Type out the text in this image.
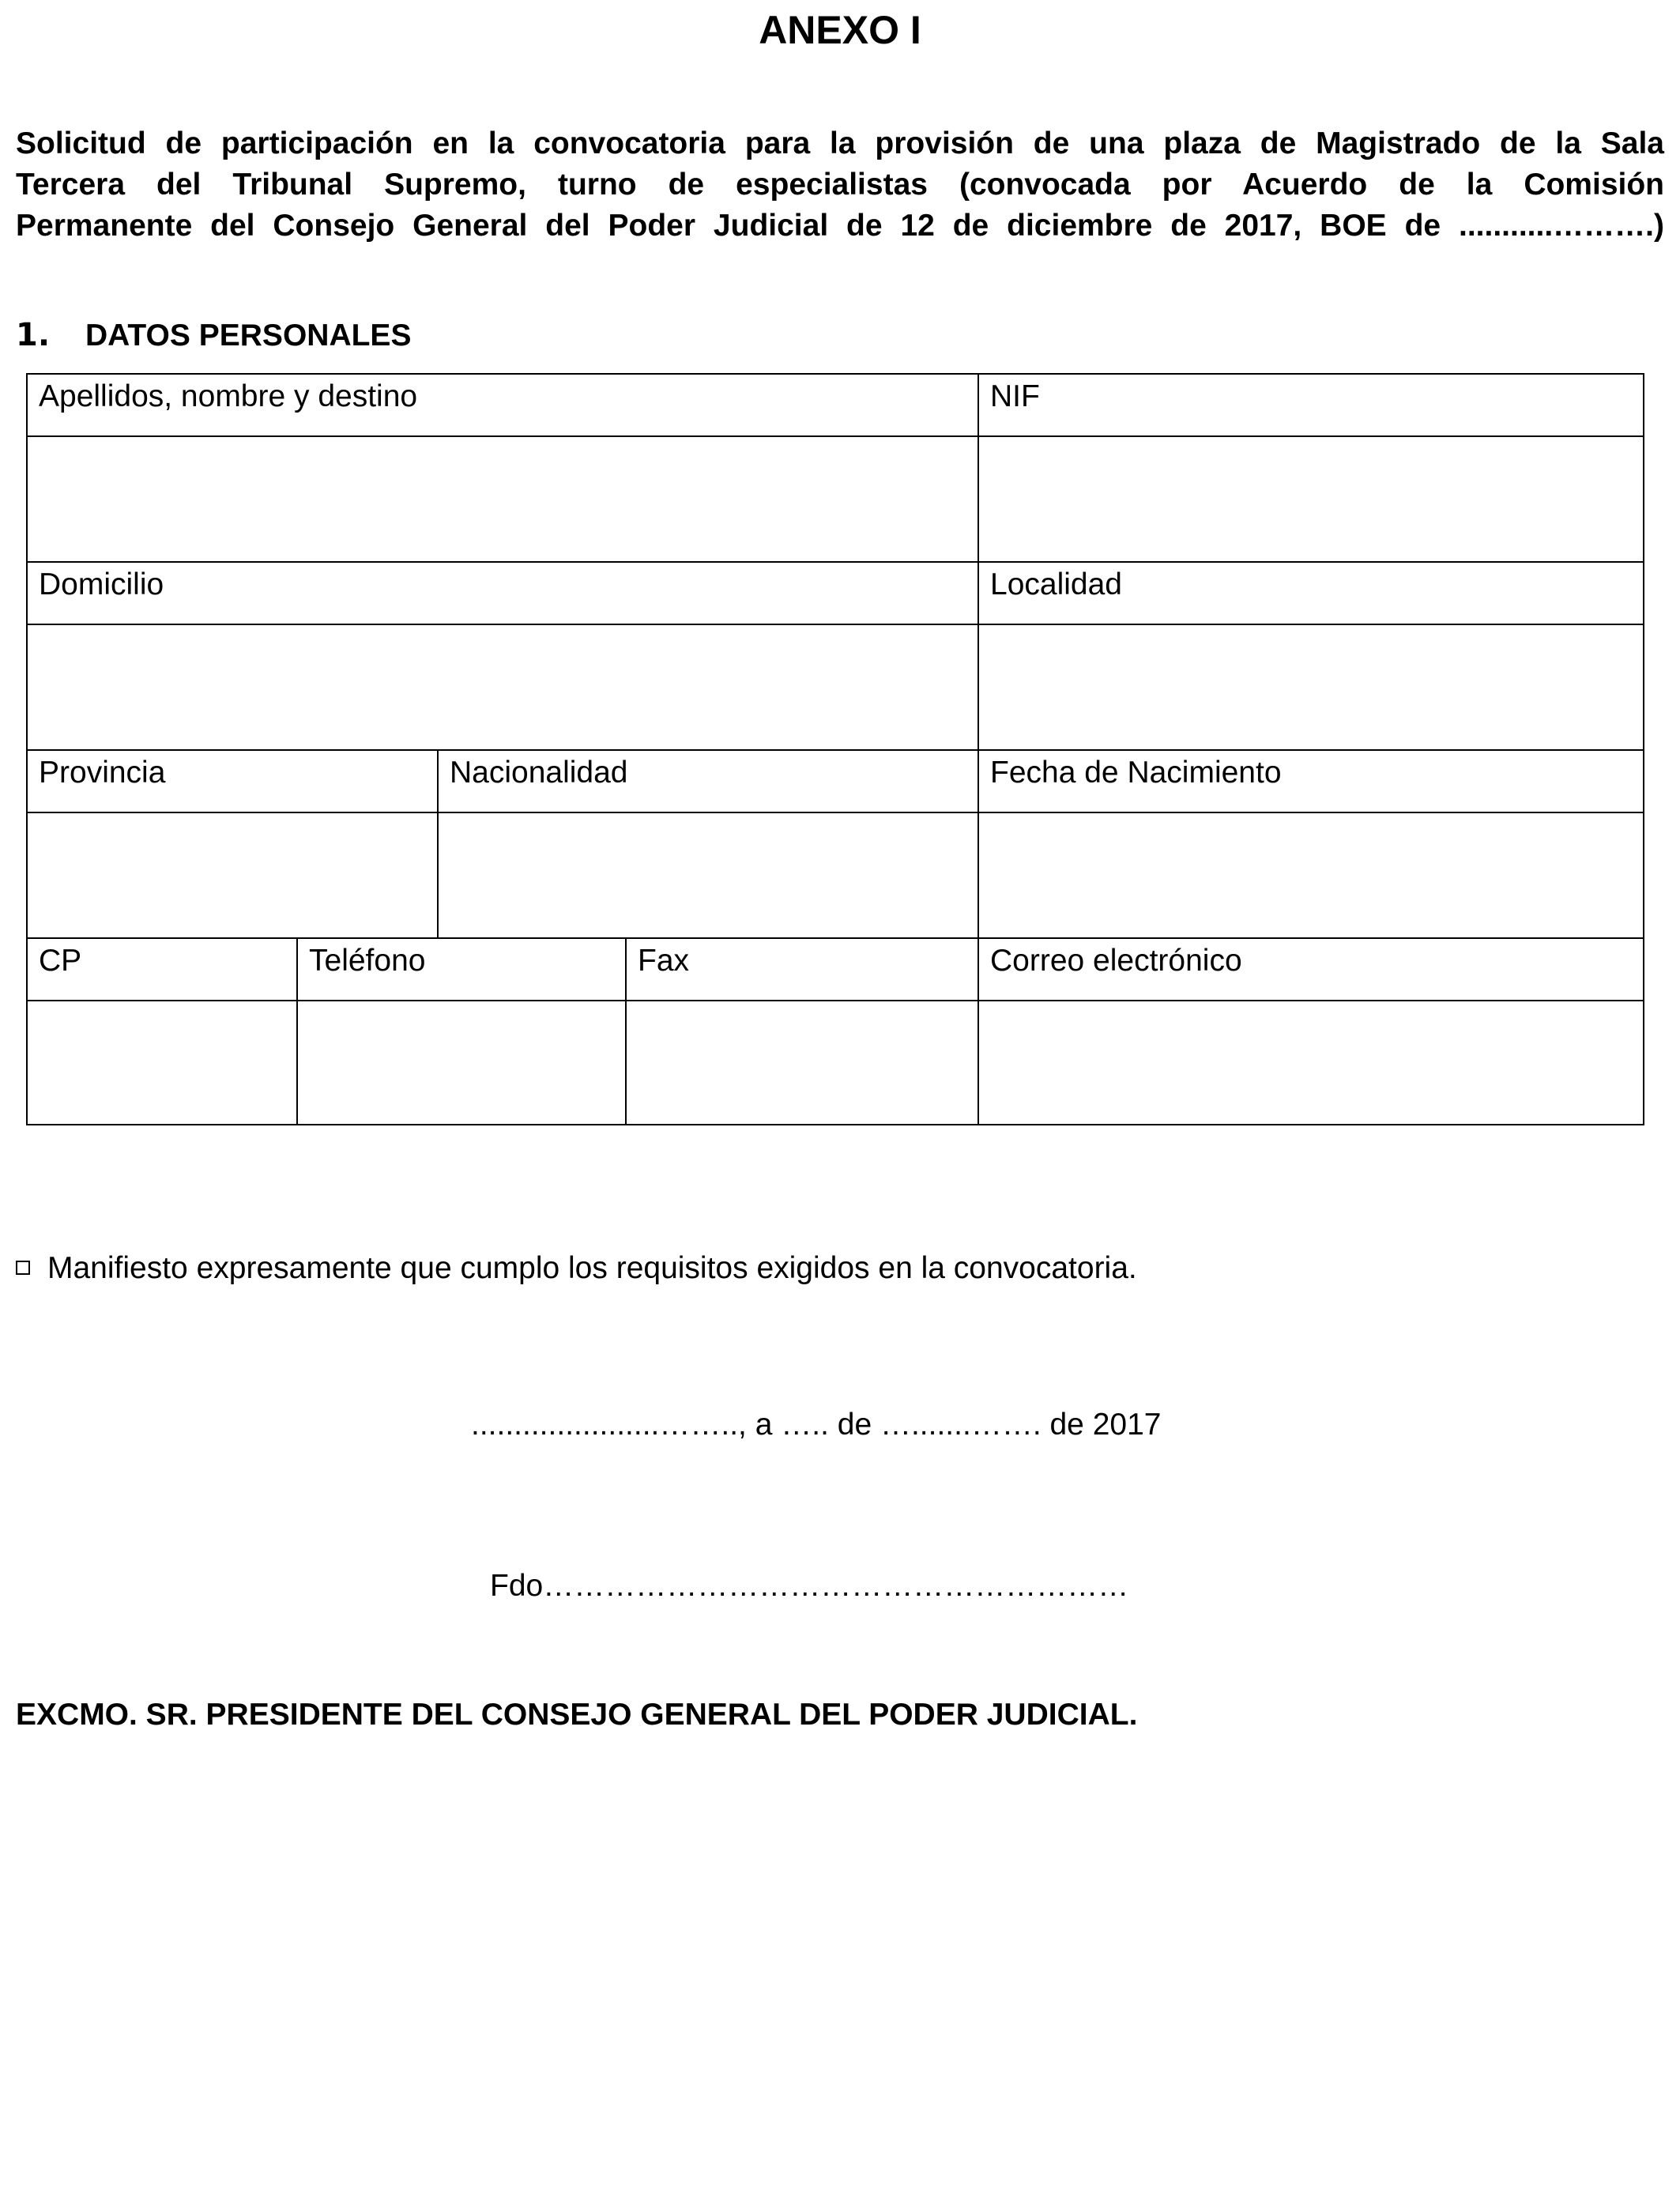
ANEXO I
Solicitud de participación en la convocatoria para la provisión de una plaza de Magistrado de la Sala
Tercera del Tribunal Supremo, turno de especialistas (convocada por Acuerdo de la Comisión
Permanente del Consejo General del Poder Judicial de 12 de diciembre de 2017, BOE de ...........……….)
1. DATOS PERSONALES
Apellidos, nombre y destino	NIF
Domicilio	Localidad
Provincia	Nacionalidad	Fecha de Nacimiento
CP	Teléfono	Fax	Correo electrónico
Manifiesto expresamente que cumplo los requisitos exigidos en la convocatoria.
......................…….., a ….. de ….......……. de 2017
Fdo…………………………………………………
EXCMO. SR. PRESIDENTE DEL CONSEJO GENERAL DEL PODER JUDICIAL.
